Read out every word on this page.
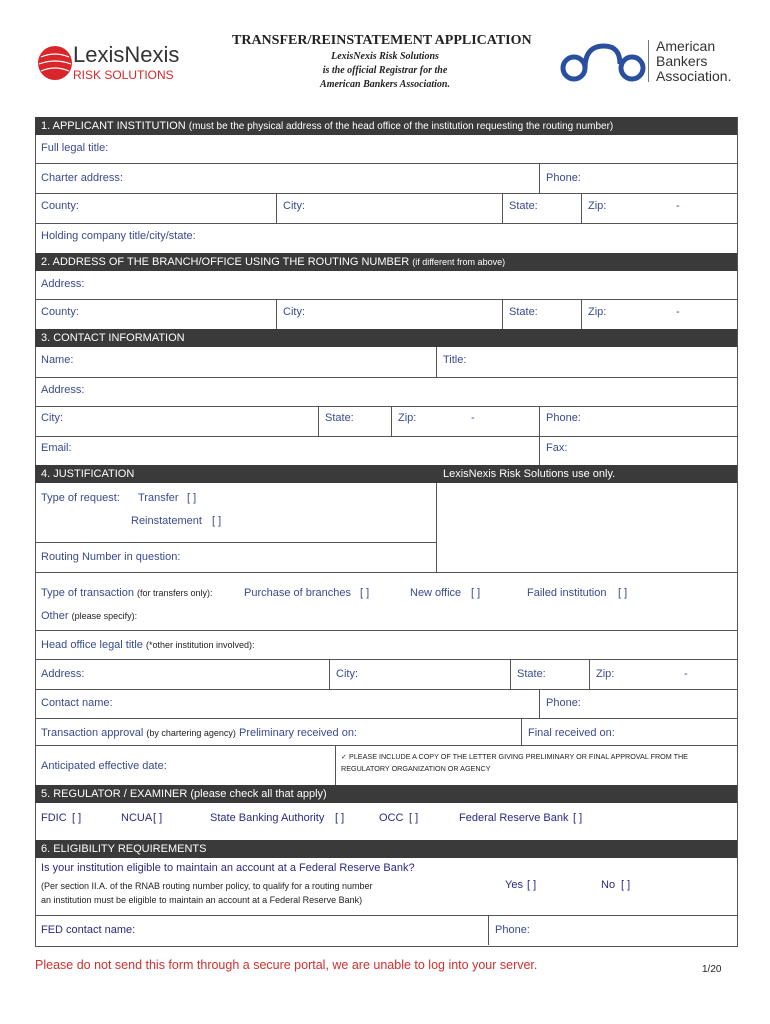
LexisNexis
RISK SOLUTIONS
TRANSFER/REINSTATEMENT APPLICATION
LexisNexis Risk Solutions
is the official Registrar for the
American Bankers Association.
American
Bankers
Association.
1. APPLICANT INSTITUTION (must be the physical address of the head office of the institution requesting the routing number)
Full legal title:
Charter address:	Phone:
County:	City:	State:	Zip:	-
Holding company title/city/state:
2. ADDRESS OF THE BRANCH/OFFICE USING THE ROUTING NUMBER (if different from above)
Address:
County:	City:	State:	Zip:	-
3. CONTACT INFORMATION
Name:	Title:
Address:
City:	State:	Zip:	-	Phone:
Email:	Fax:
4. JUSTIFICATION	LexisNexis Risk Solutions use only.
Type of request: Transfer [ ]
Reinstatement [ ]
Routing Number in question:
Type of transaction (for transfers only):	Purchase of branches [ ]	New office [ ]	Failed institution [ ]
Other (please specify):
Head office legal title (*other institution involved):
Address:	City:	State:	Zip:	-
Contact name:	Phone:
Transaction approval (by chartering agency) Preliminary received on:	Final received on:
Anticipated effective date:
✓ PLEASE INCLUDE A COPY OF THE LETTER GIVING PRELIMINARY OR FINAL APPROVAL FROM THE
REGULATORY ORGANIZATION OR AGENCY
5. REGULATOR / EXAMINER (please check all that apply)
FDIC [ ]	NCUA [ ]	State Banking Authority [ ]	OCC [ ]	Federal Reserve Bank [ ]
6. ELIGIBILITY REQUIREMENTS
Is your institution eligible to maintain an account at a Federal Reserve Bank?
(Per section II.A. of the RNAB routing number policy, to qualify for a routing number
an institution must be eligible to maintain an account at a Federal Reserve Bank)
Yes [ ]	No [ ]
FED contact name:	Phone:
Please do not send this form through a secure portal, we are unable to log into your server.	1/20
